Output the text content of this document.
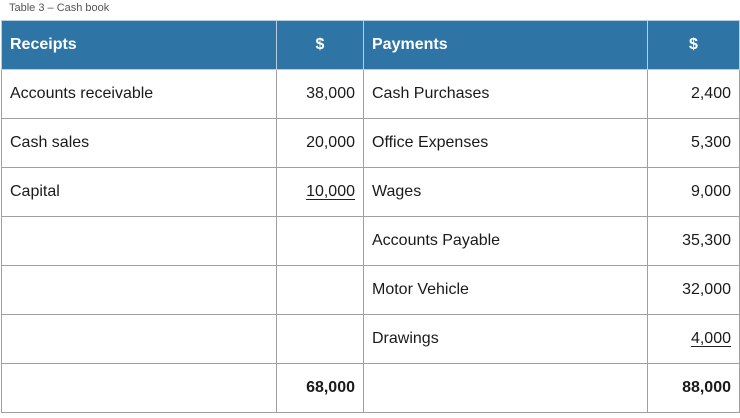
Table 3 – Cash book
Receipts	$	Payments	$
Accounts receivable	38,000	Cash Purchases	2,400
Cash sales	20,000	Office Expenses	5,300
Capital	10,000	Wages	9,000
		Accounts Payable	35,300
		Motor Vehicle	32,000
		Drawings	4,000
	68,000		88,000
